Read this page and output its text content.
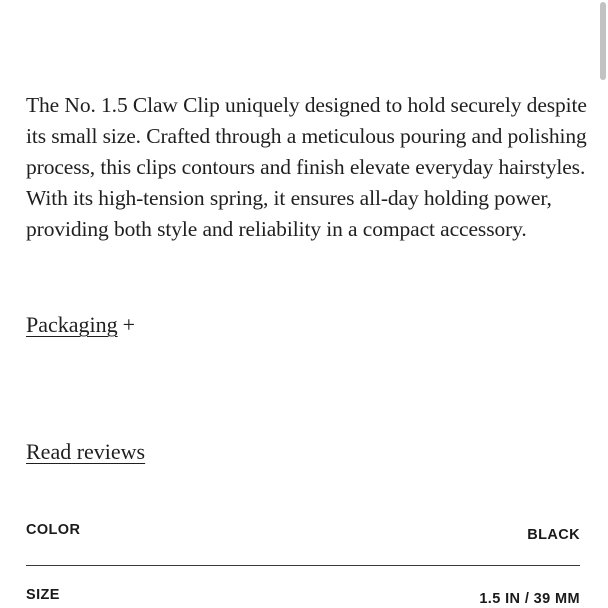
The No. 1.5 Claw Clip uniquely designed to hold securely despite its small size. Crafted through a meticulous pouring and polishing process, this clips contours and finish elevate everyday hairstyles. With its high-tension spring, it ensures all-day holding power, providing both style and reliability in a compact accessory.

Packaging +
Read reviews
COLOR	BLACK
SIZE	1.5 IN / 39 MM
